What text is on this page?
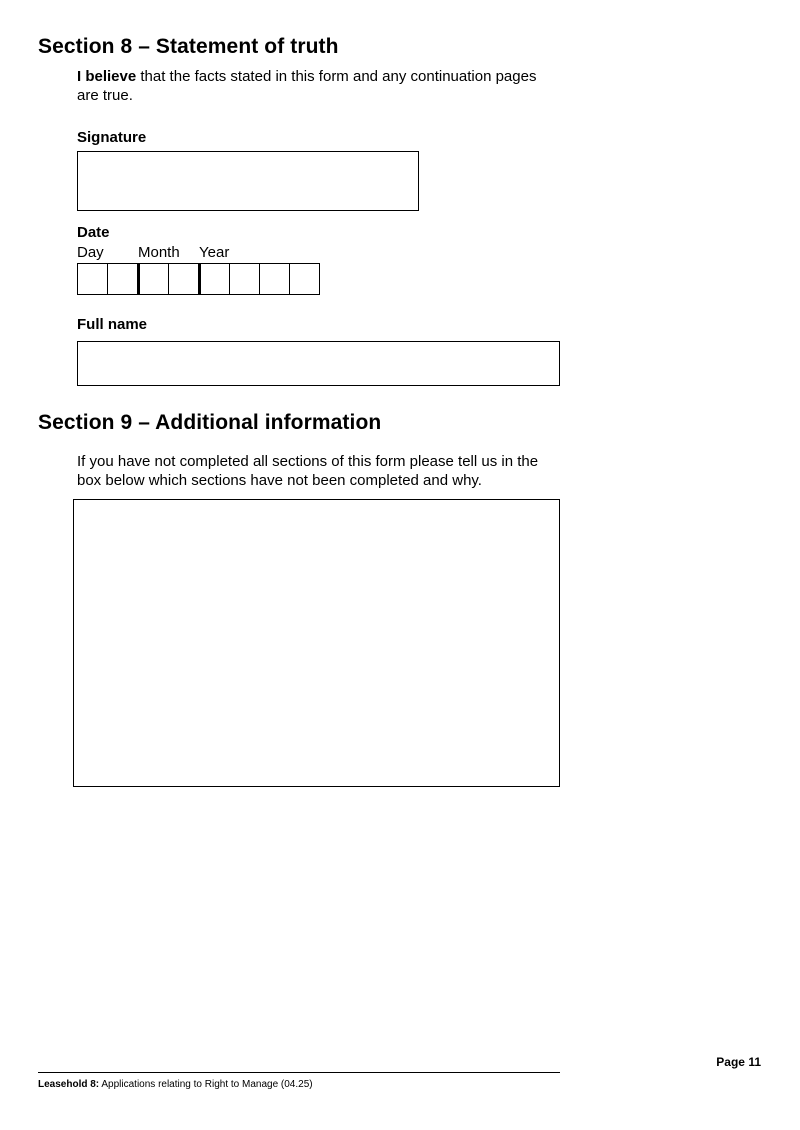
Section 8 – Statement of truth
I believe that the facts stated in this form and any continuation pages are true.
Signature
Date
Day Month Year
Full name
Section 9 – Additional information
If you have not completed all sections of this form please tell us in the box below which sections have not been completed and why.
Page 11
Leasehold 8: Applications relating to Right to Manage (04.25)
